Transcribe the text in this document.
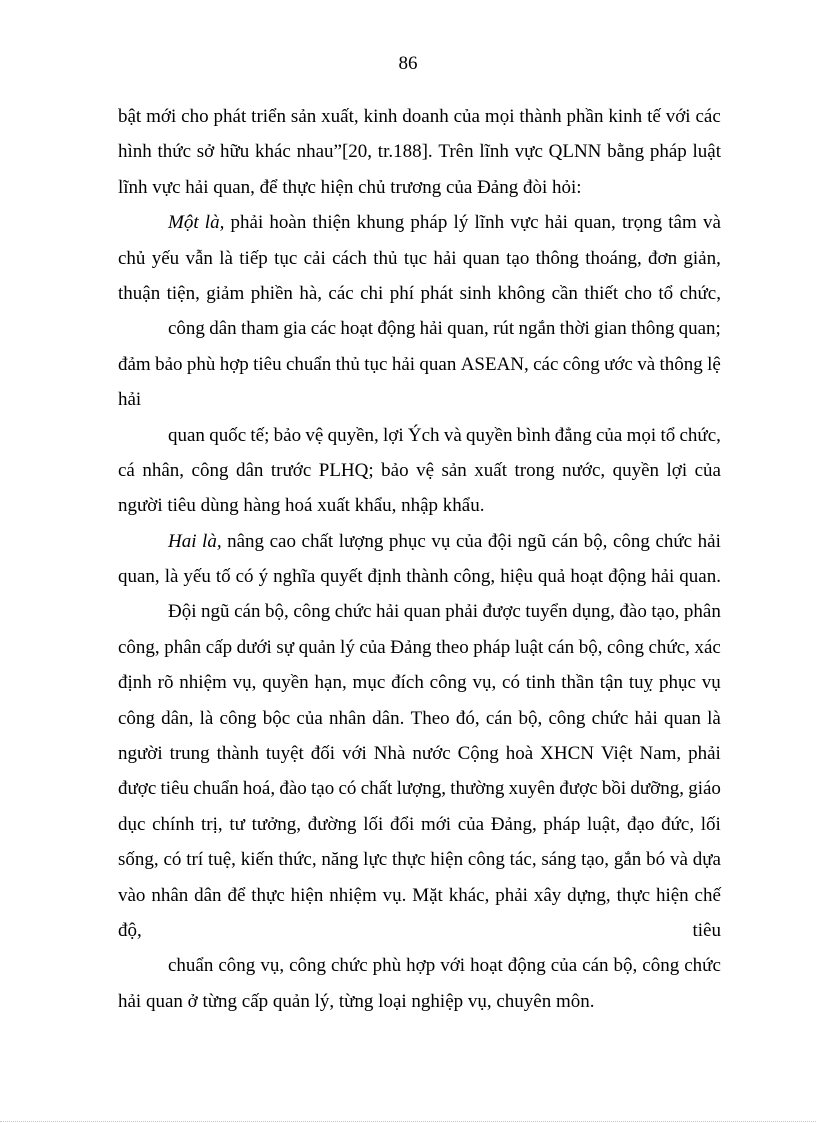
86
bật mới cho phát triển sản xuất, kinh doanh của mọi thành phần kinh tế với các
hình thức sở hữu khác nhau”[20, tr.188]. Trên lĩnh vực QLNN bằng pháp luật
lĩnh vực hải quan, để thực hiện chủ trương của Đảng đòi hỏi:
Một là, phải hoàn thiện khung pháp lý lĩnh vực hải quan, trọng tâm và
chủ yếu vẫn là tiếp tục cải cách thủ tục hải quan tạo thông thoáng, đơn giản,
thuận tiện, giảm phiền hà, các chi phí phát sinh không cần thiết cho tổ chức,
công dân tham gia các hoạt động hải quan, rút ngắn thời gian thông quan;
đảm bảo phù hợp tiêu chuẩn thủ tục hải quan ASEAN, các công ước và thông lệ
hải
quan quốc tế; bảo vệ quyền, lợi Ých và quyền bình đẳng của mọi tổ chức,
cá nhân, công dân trước PLHQ; bảo vệ sản xuất trong nước, quyền lợi của
người tiêu dùng hàng hoá xuất khẩu, nhập khẩu.
Hai là, nâng cao chất lượng phục vụ của đội ngũ cán bộ, công chức hải
quan, là yếu tố có ý nghĩa quyết định thành công, hiệu quả hoạt động hải quan.
Đội ngũ cán bộ, công chức hải quan phải được tuyển dụng, đào tạo, phân
công, phân cấp dưới sự quản lý của Đảng theo pháp luật cán bộ, công chức, xác
định rõ nhiệm vụ, quyền hạn, mục đích công vụ, có tinh thần tận tuỵ phục vụ
công dân, là công bộc của nhân dân. Theo đó, cán bộ, công chức hải quan là
người trung thành tuyệt đối với Nhà nước Cộng hoà XHCN Việt Nam, phải
được tiêu chuẩn hoá, đào tạo có chất lượng, thường xuyên được bồi dưỡng, giáo
dục chính trị, tư tưởng, đường lối đổi mới của Đảng, pháp luật, đạo đức, lối
sống, có trí tuệ, kiến thức, năng lực thực hiện công tác, sáng tạo, gắn bó và dựa
vào nhân dân để thực hiện nhiệm vụ. Mặt khác, phải xây dựng, thực hiện chế
độ,	tiêu
chuẩn công vụ, công chức phù hợp với hoạt động của cán bộ, công chức
hải quan ở từng cấp quản lý, từng loại nghiệp vụ, chuyên môn.
